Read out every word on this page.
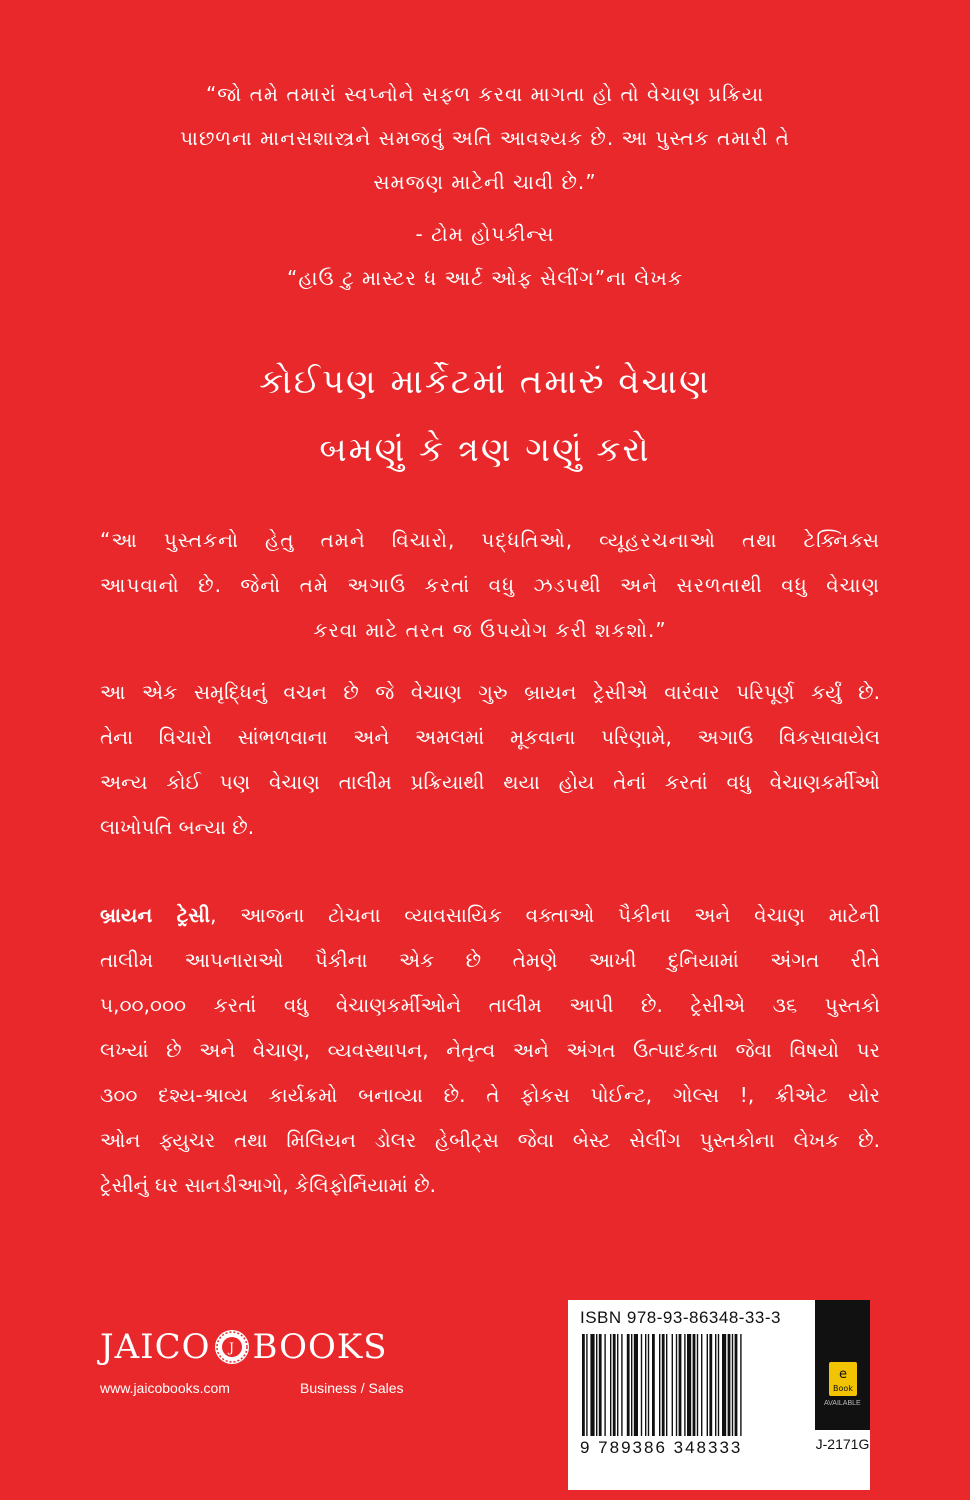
“જો તમે તમારાં સ્વપ્નોને સફળ કરવા માગતા હો તો વેચાણ પ્રક્રિયા
પાછળના માનસશાસ્ત્રને સમજવું અતિ આવશ્યક છે. આ પુસ્તક તમારી તે
સમજણ માટેની ચાવી છે.”
- ટોમ હોપકીન્સ
“હાઉ ટુ માસ્ટર ધ આર્ટ ઓફ સેલીંગ”ના લેખક
કોઈપણ માર્કેટમાં તમારું વેચાણ
બમણું કે ત્રણ ગણું કરો
“આ પુસ્તકનો હેતુ તમને વિચારો, પદ્ધતિઓ, વ્યૂહરચનાઓ તથા ટેક્નિક્સ
આપવાનો છે. જેનો તમે અગાઉ કરતાં વધુ ઝડપથી અને સરળતાથી વધુ વેચાણ
કરવા માટે તરત જ ઉપયોગ કરી શકશો.”
આ એક સમૃદ્ધિનું વચન છે જે વેચાણ ગુરુ બ્રાયન ટ્રેસીએ વારંવાર પરિપૂર્ણ કર્યું છે.
તેના વિચારો સાંભળવાના અને અમલમાં મૂકવાના પરિણામે, અગાઉ વિકસાવાયેલ
અન્ય કોઈ પણ વેચાણ તાલીમ પ્રક્રિયાથી થયા હોય તેનાં કરતાં વધુ વેચાણકર્મીઓ
લાખોપતિ બન્યા છે.
બ્રાયન ટ્રેસી, આજના ટોચના વ્યાવસાયિક વક્તાઓ પૈકીના અને વેચાણ માટેની
તાલીમ આપનારાઓ પૈકીના એક છે તેમણે આખી દુનિયામાં અંગત રીતે
૫,૦૦,૦૦૦ કરતાં વધુ વેચાણકર્મીઓને તાલીમ આપી છે. ટ્રેસીએ ૩૬ પુસ્તકો
લખ્યાં છે અને વેચાણ, વ્યવસ્થાપન, નેતૃત્વ અને અંગત ઉત્પાદકતા જેવા વિષયો પર
૩૦૦ દશ્ય-શ્રાવ્ય કાર્યક્રમો બનાવ્યા છે. તે ફોકસ પોઈન્ટ, ગોલ્સ !, ક્રીએટ યોર
ઓન ફ્યુચર તથા મિલિયન ડોલર હેબીટ્સ જેવા બેસ્ટ સેલીંગ પુસ્તકોના લેખક છે.
ટ્રેસીનું ઘર સાનડીઆગો, કેલિફોર્નિયામાં છે.
JAICO J BOOKS
www.jaicobooks.com	Business / Sales
ISBN 978-93-86348-33-3
9 789386 348333
e
Book
AVAILABLE
J-2171G
